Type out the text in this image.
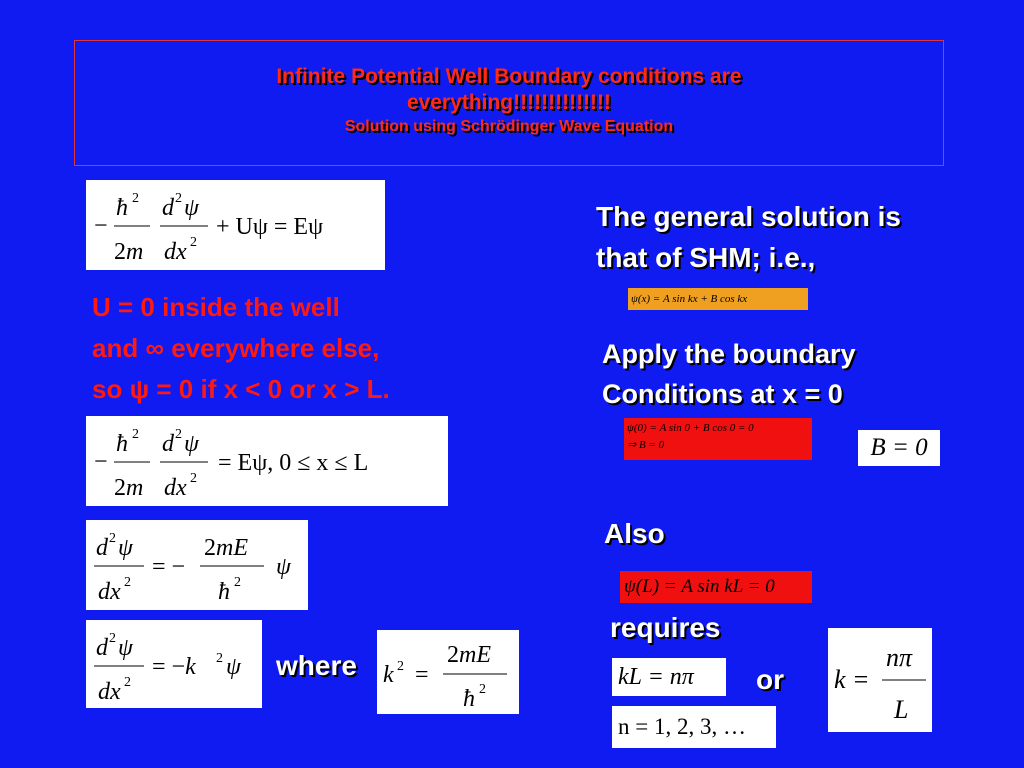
Infinite Potential Well Boundary conditions are
everything!!!!!!!!!!!!!!
Solution using Schrödinger Wave Equation
−
ħ 2
2m
d 2 ψ
dx 2
+ Uψ = Eψ
U = 0 inside the well
and ∞ everywhere else,
so ψ = 0 if x < 0 or x > L.
−
ħ 2
2m
d 2 ψ
dx 2
= Eψ, 0 ≤ x ≤ L
d 2 ψ
dx 2
= −
2mE
ħ 2
ψ
d 2 ψ
dx 2
= −k 2 ψ where k 2 =
2mE
ħ 2
The general solution is
that of SHM; i.e.,
ψ(x) = A sin kx + B cos kx
Apply the boundary
Conditions at x = 0
ψ(0) = A sin 0 + B cos 0 = 0
⇒ B = 0	B = 0
Also
ψ(L) = A sin kL = 0
requires
kL = nπ	or
n = 1, 2, 3, …
k =
nπ
L
